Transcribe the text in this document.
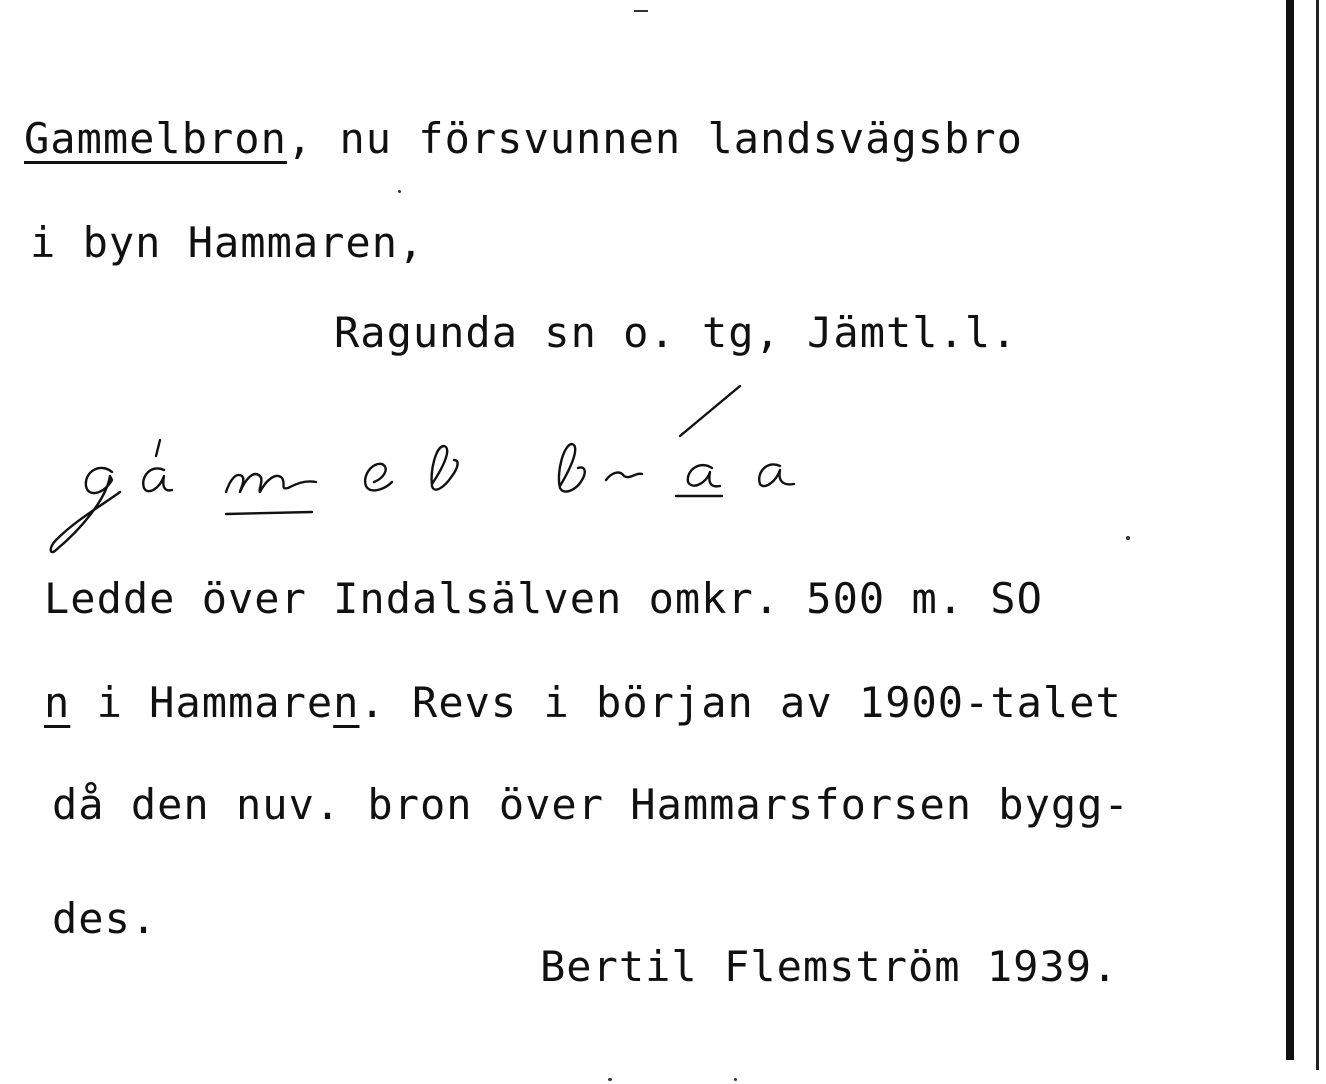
Gammelbron, nu försvunnen landsvägsbro
i byn Hammaren,
Ragunda sn o. tg, Jämtl.l.
Ledde över Indalsälven omkr. 500 m. SO
n i Hammaren. Revs i början av 1900-talet
då den nuv. bron över Hammarsforsen bygg-
des.
Bertil Flemström 1939.
